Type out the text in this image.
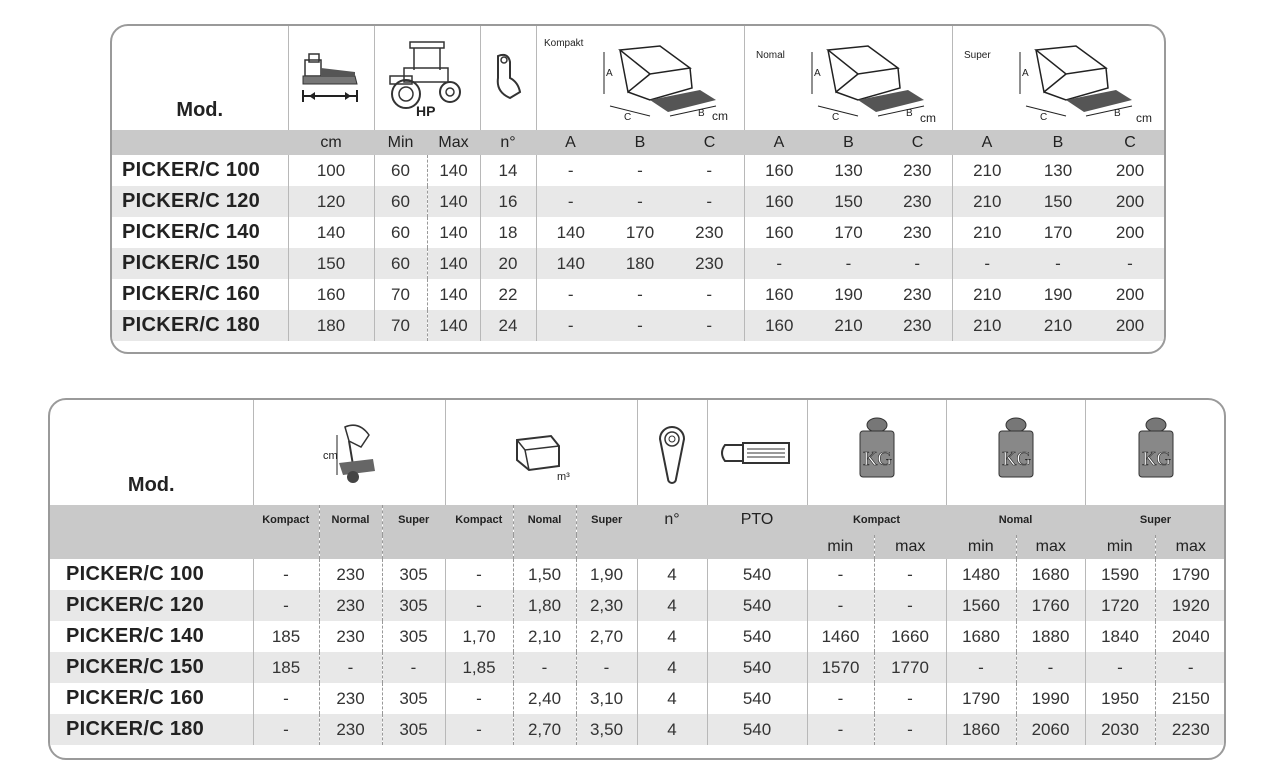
Mod.		HP			Kompakt
A
C B cm			Nomal
A
C B cm			Super
A
C B cm		

	cm	Min	Max	n°	A	B	C	A	B	C	A	B	C
PICKER/C 100	100	60	140	14	-	-	-	160	130	230	210	130	200
PICKER/C 120	120	60	140	16	-	-	-	160	150	230	210	150	200
PICKER/C 140	140	60	140	18	140	170	230	160	170	230	210	170	200
PICKER/C 150	150	60	140	20	140	180	230	-	-	-	-	-	-
PICKER/C 160	160	70	140	22	-	-	-	160	190	230	210	190	200
PICKER/C 180	180	70	140	24	-	-	-	160	210	230	210	210	200
Mod.	cm			m³					KG		KG		KG	

	Kompact	Normal	Super	Kompact	Nomal	Super	n°	PTO	Kompact		Nomal		Super	
									min	max	min	max	min	max
PICKER/C 100	-	230	305	-	1,50	1,90	4	540	-	-	1480	1680	1590	1790
PICKER/C 120	-	230	305	-	1,80	2,30	4	540	-	-	1560	1760	1720	1920
PICKER/C 140	185	230	305	1,70	2,10	2,70	4	540	1460	1660	1680	1880	1840	2040
PICKER/C 150	185	-	-	1,85	-	-	4	540	1570	1770	-	-	-	-
PICKER/C 160	-	230	305	-	2,40	3,10	4	540	-	-	1790	1990	1950	2150
PICKER/C 180	-	230	305	-	2,70	3,50	4	540	-	-	1860	2060	2030	2230
